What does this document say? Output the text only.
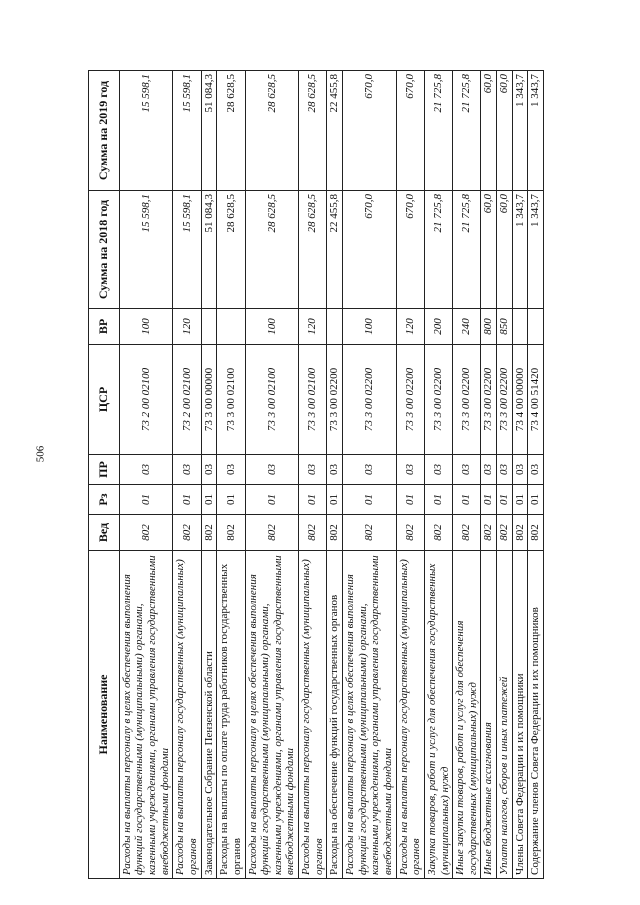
506
Наименование	Вед	Рз	ПР	ЦСР	ВР	Сумма на 2018 год	Сумма на 2019 год
Расходы на выплаты персоналу в целях обеспечения выполнения функций государственными (муниципальными) органами, казенными учреждениями, органами управления государственными внебюджетными фондами	802	01	03	73 2 00 02100	100	15 598,1	15 598,1
Расходы на выплаты персоналу государственных (муниципальных) органов	802	01	03	73 2 00 02100	120	15 598,1	15 598,1
Законодательное Собрание Пензенской области	802	01	03	73 3 00 00000		51 084,3	51 084,3
Расходы на выплаты по оплате труда работников государственных органов	802	01	03	73 3 00 02100		28 628,5	28 628,5
Расходы на выплаты персоналу в целях обеспечения выполнения функций государственными (муниципальными) органами, казенными учреждениями, органами управления государственными внебюджетными фондами	802	01	03	73 3 00 02100	100	28 628,5	28 628,5
Расходы на выплаты персоналу государственных (муниципальных) органов	802	01	03	73 3 00 02100	120	28 628,5	28 628,5
Расходы на обеспечение функций государственных органов	802	01	03	73 3 00 02200		22 455,8	22 455,8
Расходы на выплаты персоналу в целях обеспечения выполнения функций государственными (муниципальными) органами, казенными учреждениями, органами управления государственными внебюджетными фондами	802	01	03	73 3 00 02200	100	670,0	670,0
Расходы на выплаты персоналу государственных (муниципальных) органов	802	01	03	73 3 00 02200	120	670,0	670,0
Закупка товаров, работ и услуг для обеспечения государственных (муниципальных) нужд	802	01	03	73 3 00 02200	200	21 725,8	21 725,8
Иные закупки товаров, работ и услуг для обеспечения государственных (муниципальных) нужд	802	01	03	73 3 00 02200	240	21 725,8	21 725,8
Иные бюджетные ассигнования	802	01	03	73 3 00 02200	800	60,0	60,0
Уплата налогов, сборов и иных платежей	802	01	03	73 3 00 02200	850	60,0	60,0
Члены Совета Федерации и их помощники	802	01	03	73 4 00 00000		1 343,7	1 343,7
Содержание членов Совета Федерации и их помощников	802	01	03	73 4 00 51420		1 343,7	1 343,7
